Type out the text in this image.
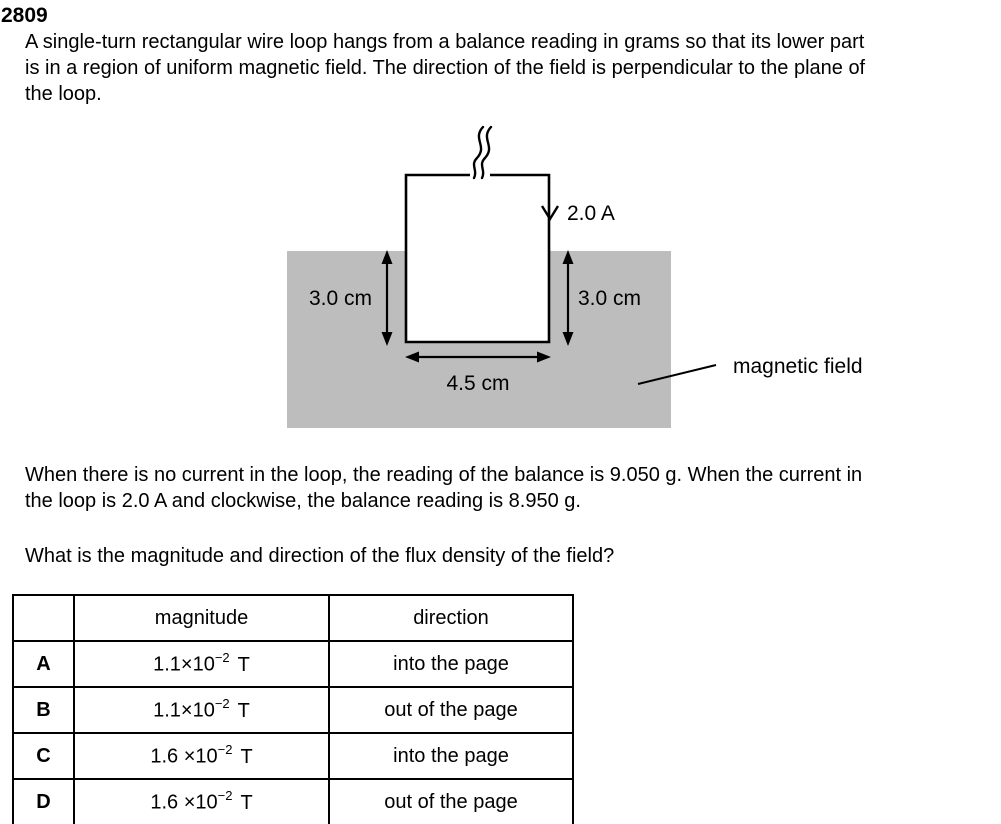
2809
A single-turn rectangular wire loop hangs from a balance reading in grams so that its lower part
is in a region of uniform magnetic field. The direction of the field is perpendicular to the plane of
the loop.
2.0 A
3.0 cm	3.0 cm
4.5 cm
magnetic field
When there is no current in the loop, the reading of the balance is 9.050 g. When the current in
the loop is 2.0 A and clockwise, the balance reading is 8.950 g.
What is the magnitude and direction of the flux density of the field?
	magnitude	direction
A	$1.1\times 10^{-2}$ T	into the page
B	$1.1\times 10^{-2}$ T	out of the page
C	$1.6 \times 10^{-2}$ T	into the page
D	$1.6 \times 10^{-2}$ T	out of the page
